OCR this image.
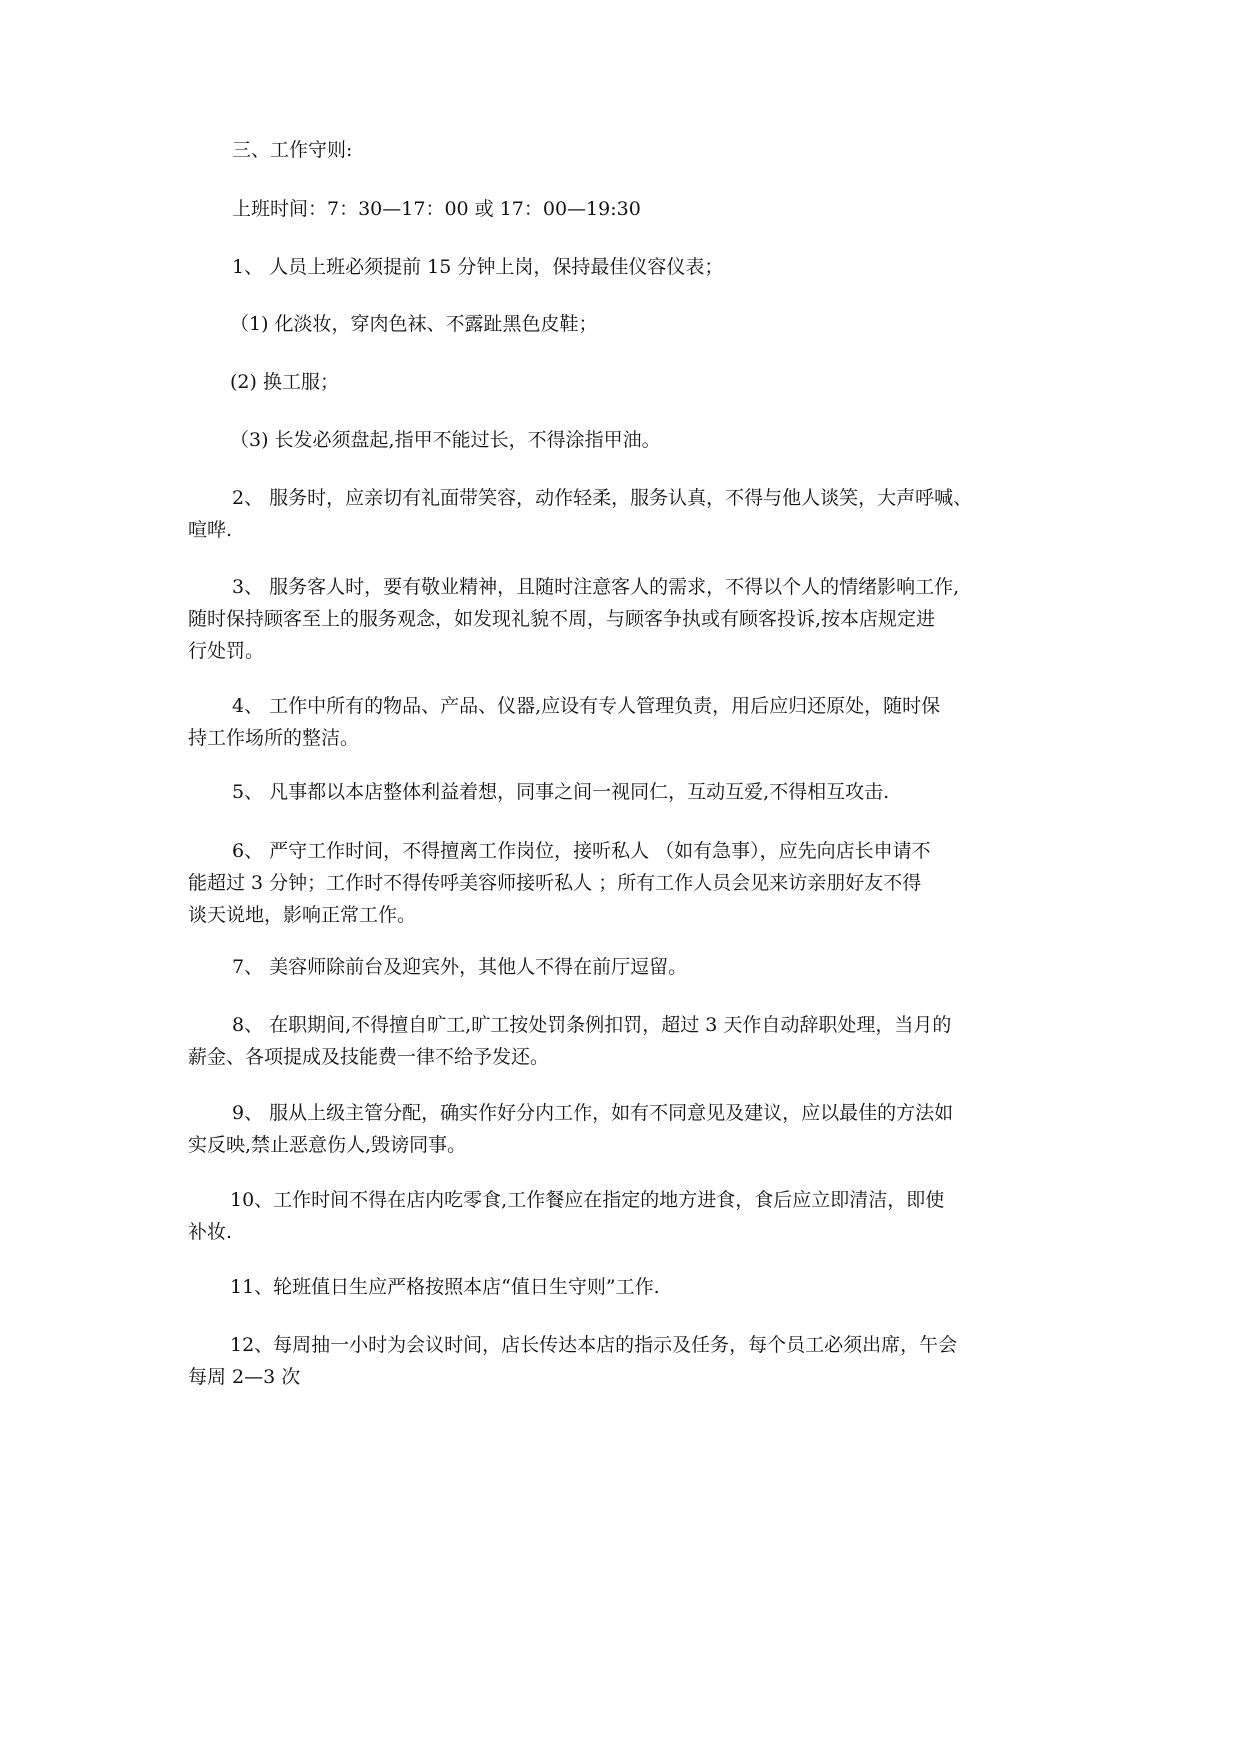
三、工作守则:
上班时间：7：30—17：00 或 17：00—19:30
1、 人员上班必须提前 15 分钟上岗，保持最佳仪容仪表；
（1) 化淡妆，穿肉色袜、不露趾黑色皮鞋；
(2) 换工服；
（3) 长发必须盘起,指甲不能过长，不得涂指甲油。
2、 服务时，应亲切有礼面带笑容，动作轻柔，服务认真，不得与他人谈笑，大声呼喊、
喧哗.
3、 服务客人时，要有敬业精神，且随时注意客人的需求，不得以个人的情绪影响工作,
随时保持顾客至上的服务观念，如发现礼貌不周，与顾客争执或有顾客投诉,按本店规定进
行处罚。
4、 工作中所有的物品、产品、仪器,应设有专人管理负责，用后应归还原处，随时保
持工作场所的整洁。
5、 凡事都以本店整体利益着想，同事之间一视同仁，互动互爱,不得相互攻击.
6、 严守工作时间，不得擅离工作岗位，接听私人 （如有急事），应先向店长申请不
能超过 3 分钟；工作时不得传呼美容师接听私人 ；所有工作人员会见来访亲朋好友不得
谈天说地，影响正常工作。
7、 美容师除前台及迎宾外，其他人不得在前厅逗留。
8、 在职期间,不得擅自旷工,旷工按处罚条例扣罚，超过 3 天作自动辞职处理，当月的
薪金、各项提成及技能费一律不给予发还。
9、 服从上级主管分配，确实作好分内工作，如有不同意见及建议，应以最佳的方法如
实反映,禁止恶意伤人,毁谤同事。
10、工作时间不得在店内吃零食,工作餐应在指定的地方进食，食后应立即清洁，即使
补妆.
11、轮班值日生应严格按照本店“值日生守则”工作.
12、每周抽一小时为会议时间，店长传达本店的指示及任务，每个员工必须出席，午会
每周 2—3 次
